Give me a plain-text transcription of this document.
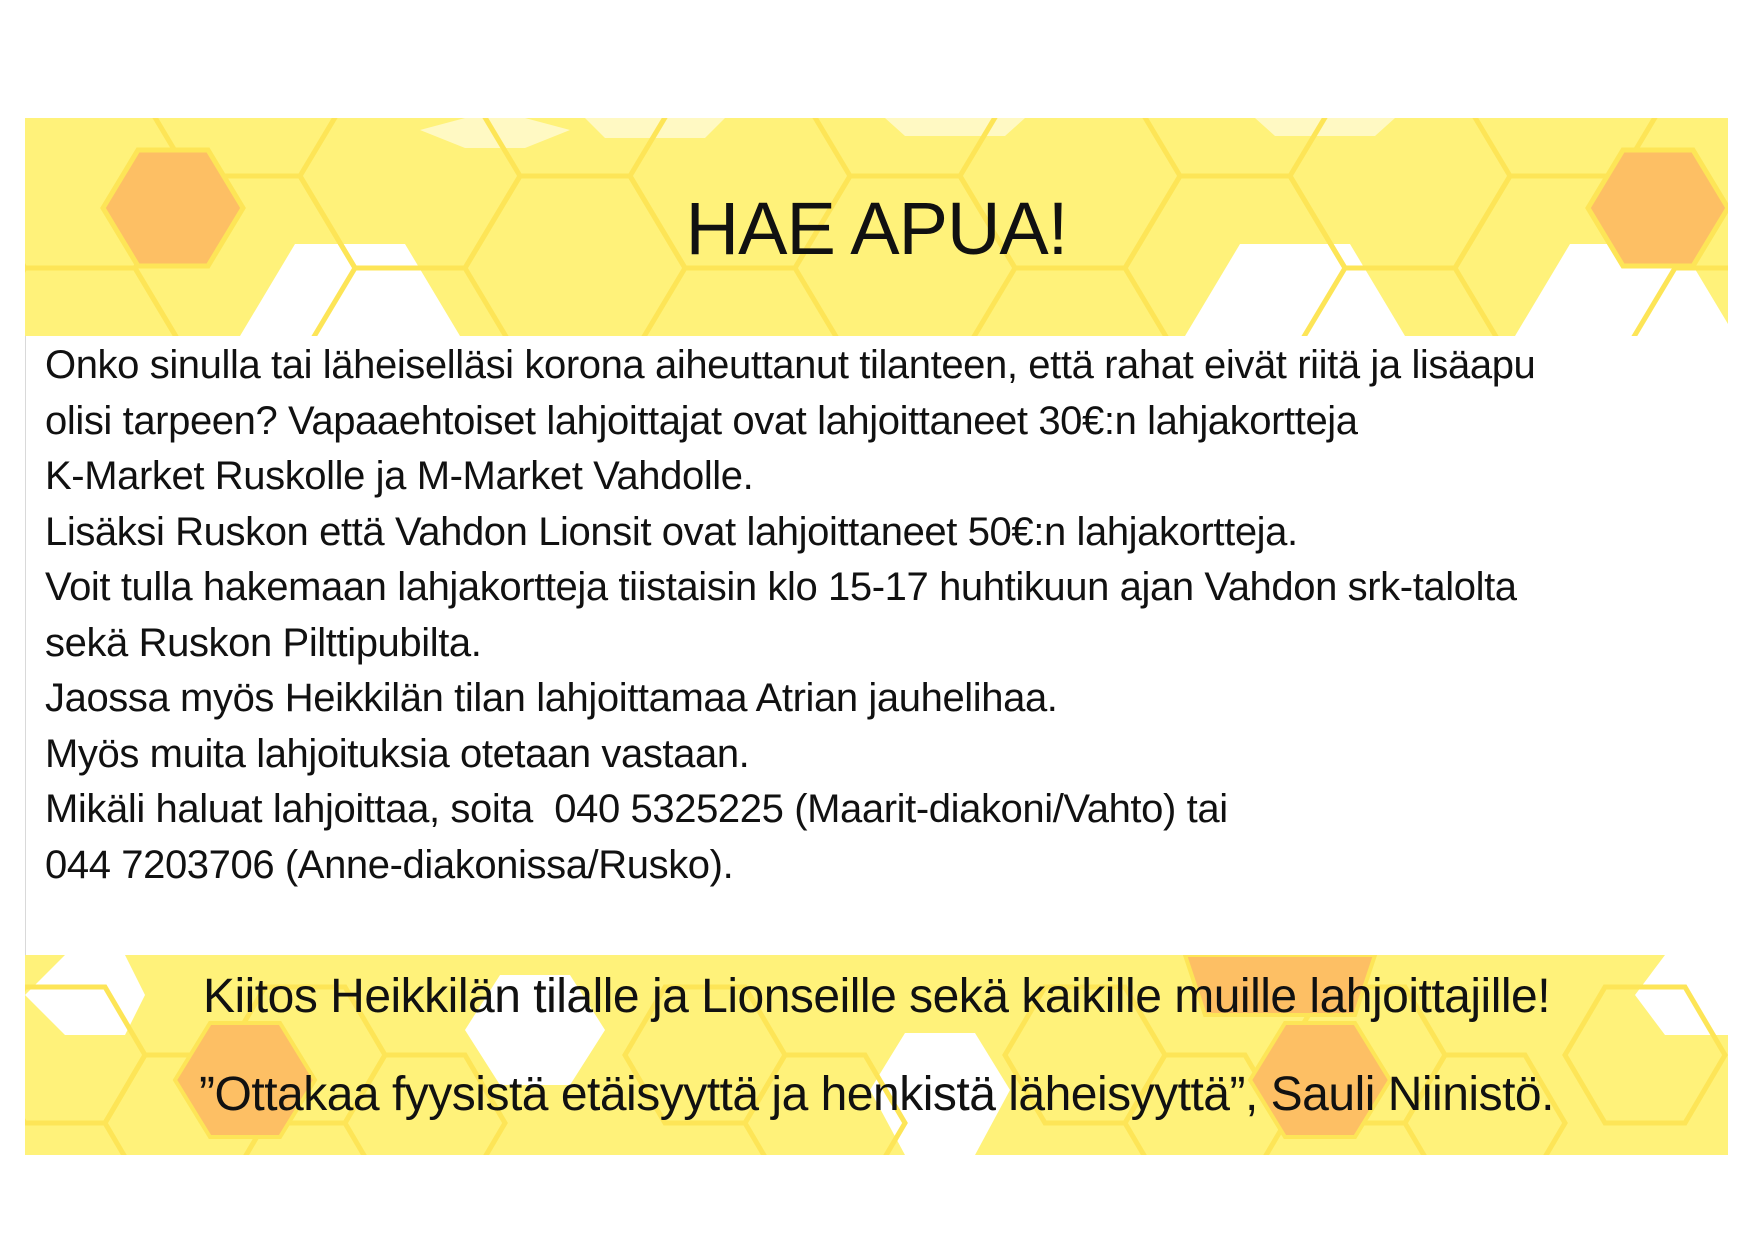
HAE APUA!
Onko sinulla tai läheiselläsi korona aiheuttanut tilanteen, että rahat eivät riitä ja lisäapu
olisi tarpeen? Vapaaehtoiset lahjoittajat ovat lahjoittaneet 30€:n lahjakortteja
K-Market Ruskolle ja M-Market Vahdolle.
Lisäksi Ruskon että Vahdon Lionsit ovat lahjoittaneet 50€:n lahjakortteja.
Voit tulla hakemaan lahjakortteja tiistaisin klo 15-17 huhtikuun ajan Vahdon srk-talolta
sekä Ruskon Pilttipubilta.
Jaossa myös Heikkilän tilan lahjoittamaa Atrian jauhelihaa.
Myös muita lahjoituksia otetaan vastaan.
Mikäli haluat lahjoittaa, soita  040 5325225 (Maarit-diakoni/Vahto) tai
044 7203706 (Anne-diakonissa/Rusko).
Kiitos Heikkilän tilalle ja Lionseille sekä kaikille muille lahjoittajille!
”Ottakaa fyysistä etäisyyttä ja henkistä läheisyyttä”, Sauli Niinistö.
